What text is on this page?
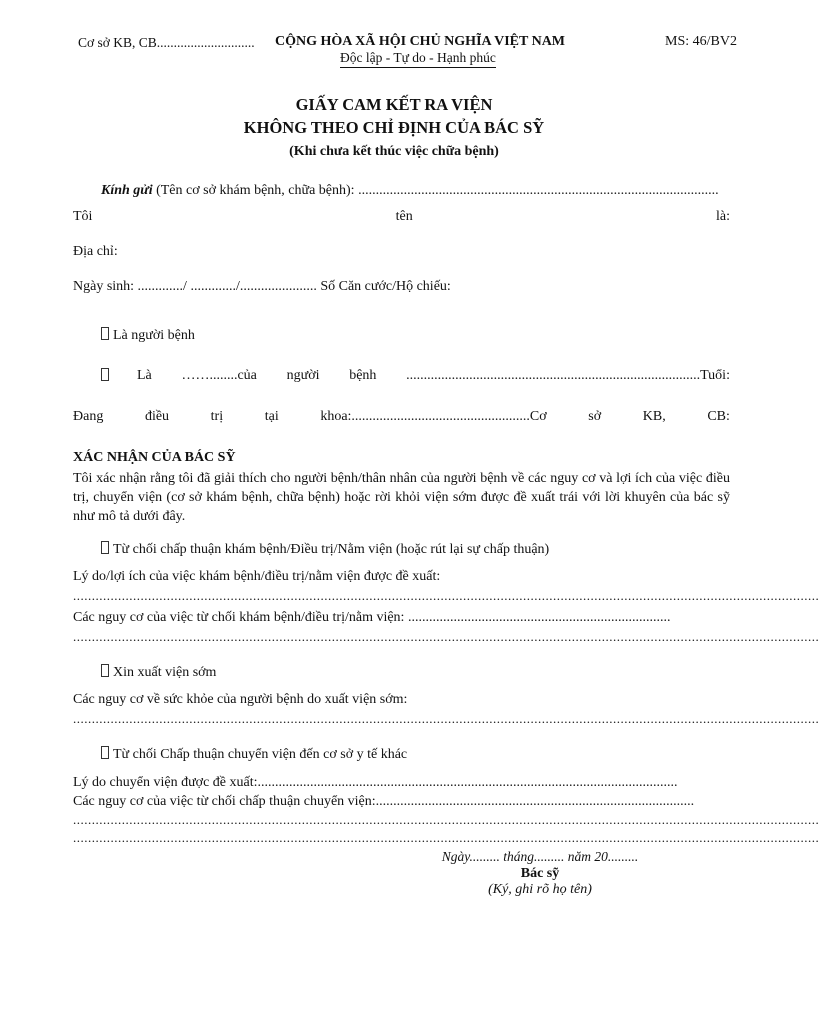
Cơ sở KB, CB............................. CỘNG HÒA XÃ HỘI CHỦ NGHĨA VIỆT NAM
Độc lập - Tự do - Hạnh phúc
MS: 46/BV2
GIẤY CAM KẾT RA VIỆN
KHÔNG THEO CHỈ ĐỊNH CỦA BÁC SỸ
(Khi chưa kết thúc việc chữa bệnh)
Kính gửi (Tên cơ sở khám bệnh, chữa bệnh): .......................................................................................................
Tôi	tên	là:
Địa chỉ:
Ngày sinh: ............./ ............./...................... Số Căn cước/Hộ chiếu:
Là người bệnh
Là ……........của người bệnh ....................................................................................Tuổi:
Đang	điều	trị	tại	khoa:...................................................Cơ	sở	KB,	CB:
XÁC NHẬN CỦA BÁC SỸ
Tôi xác nhận rằng tôi đã giải thích cho người bệnh/thân nhân của người bệnh về các nguy cơ và lợi ích của việc điều trị, chuyển viện (cơ sở khám bệnh, chữa bệnh) hoặc rời khỏi viện sớm được đề xuất trái với lời khuyên của bác sỹ như mô tả dưới đây.
Từ chối chấp thuận khám bệnh/Điều trị/Nằm viện (hoặc rút lại sự chấp thuận)
Lý do/lợi ích của việc khám bệnh/điều trị/nằm viện được đề xuất:
.......................................................................................................................................................................................................
Các nguy cơ của việc từ chối khám bệnh/điều trị/nằm viện: ...........................................................................
.......................................................................................................................................................................................................
Xin xuất viện sớm
Các nguy cơ về sức khỏe của người bệnh do xuất viện sớm:
.......................................................................................................................................................................................................
Từ chối Chấp thuận chuyển viện đến cơ sở y tế khác
Lý do chuyển viện được đề xuất:........................................................................................................................
Các nguy cơ của việc từ chối chấp thuận chuyển viện:...........................................................................................
.......................................................................................................................................................................................................
.......................................................................................................................................................................................................
Ngày......... tháng......... năm 20.........
Bác sỹ
(Ký, ghi rõ họ tên)
